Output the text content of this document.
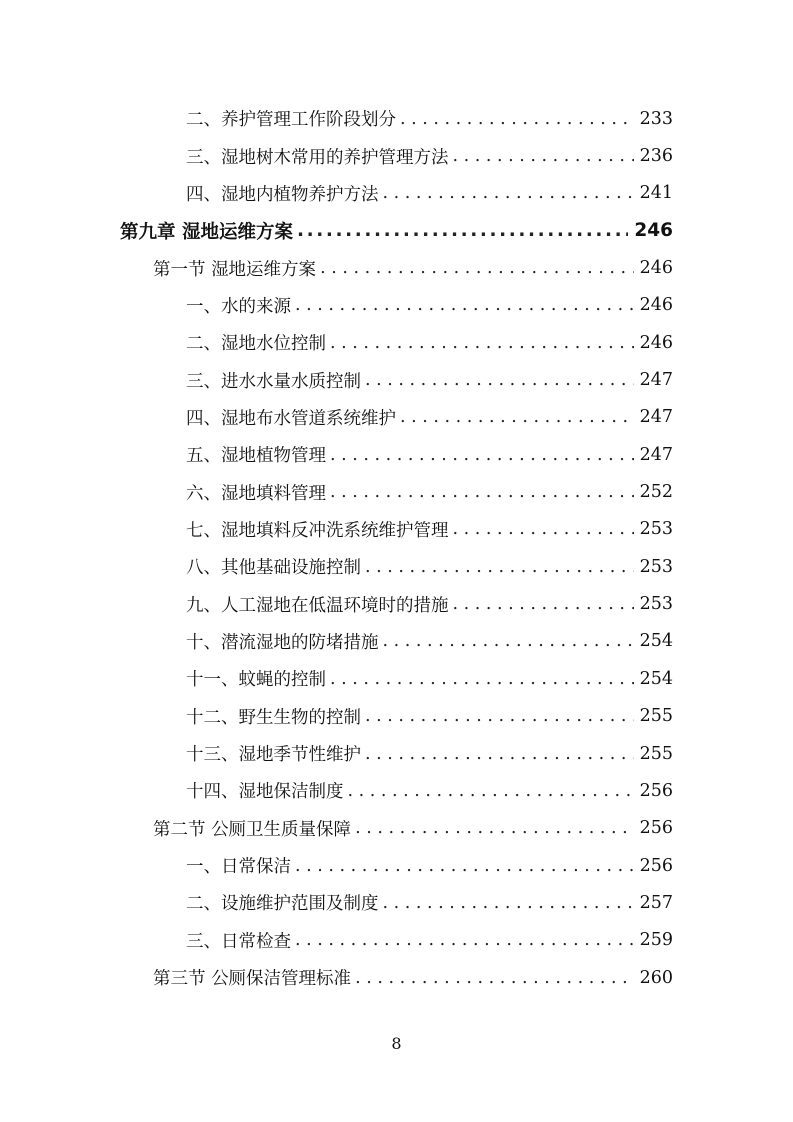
二、养护管理工作阶段划分 . . .	233
三、湿地树木常用的养护管理方法 . . .	236
四、湿地内植物养护方法 . . .	241
第九章 湿地运维方案 .....	246
第一节 湿地运维方案 . . .	246
一、水的来源 . . .	246
二、湿地水位控制 . . .	246
三、进水水量水质控制 . . .	247
四、湿地布水管道系统维护 . . .	247
五、湿地植物管理 . . .	247
六、湿地填料管理 . . .	252
七、湿地填料反冲洗系统维护管理 . . .	253
八、其他基础设施控制 . . .	253
九、人工湿地在低温环境时的措施 . . .	253
十、潜流湿地的防堵措施 . . .	254
十一、蚊蝇的控制 . . .	254
十二、野生生物的控制 . . .	255
十三、湿地季节性维护 . . .	255
十四、湿地保洁制度 . . .	256
第二节 公厕卫生质量保障 . . .	256
一、日常保洁 . . .	256
二、设施维护范围及制度 . . .	257
三、日常检查 . . .	259
第三节 公厕保洁管理标准 . . .	260
8
